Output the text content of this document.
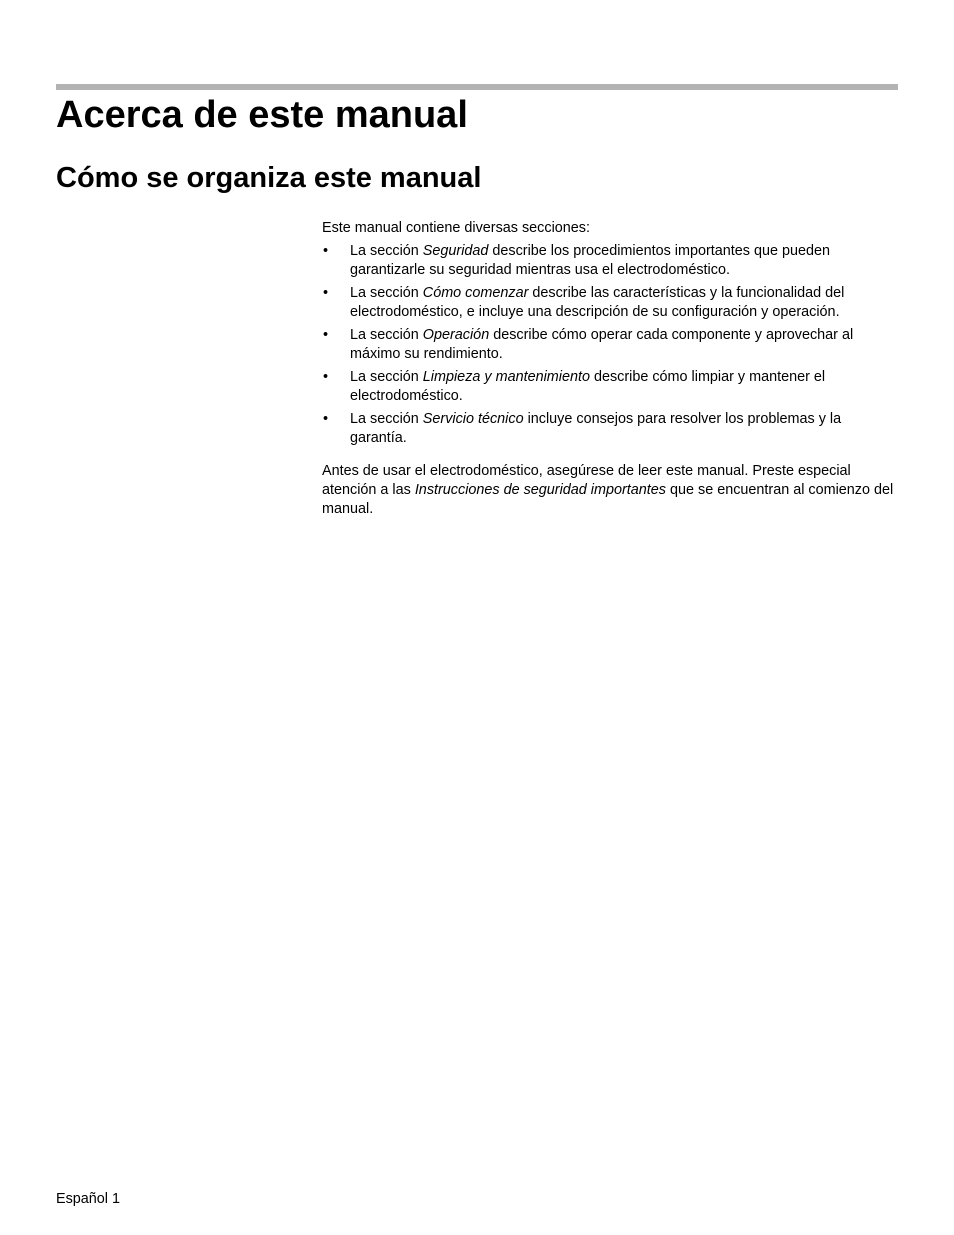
Acerca de este manual
Cómo se organiza este manual

Este manual contiene diversas secciones:

• La sección Seguridad describe los procedimientos importantes que pueden garantizarle su seguridad mientras usa el electrodoméstico.
• La sección Cómo comenzar describe las características y la funcionalidad del electrodoméstico, e incluye una descripción de su configuración y operación.
• La sección Operación describe cómo operar cada componente y aprovechar al máximo su rendimiento.
• La sección Limpieza y mantenimiento describe cómo limpiar y mantener el electrodoméstico.
• La sección Servicio técnico incluye consejos para resolver los problemas y la garantía.

Antes de usar el electrodoméstico, asegúrese de leer este manual. Preste especial atención a las Instrucciones de seguridad importantes que se encuentran al comienzo del manual.

Español 1
